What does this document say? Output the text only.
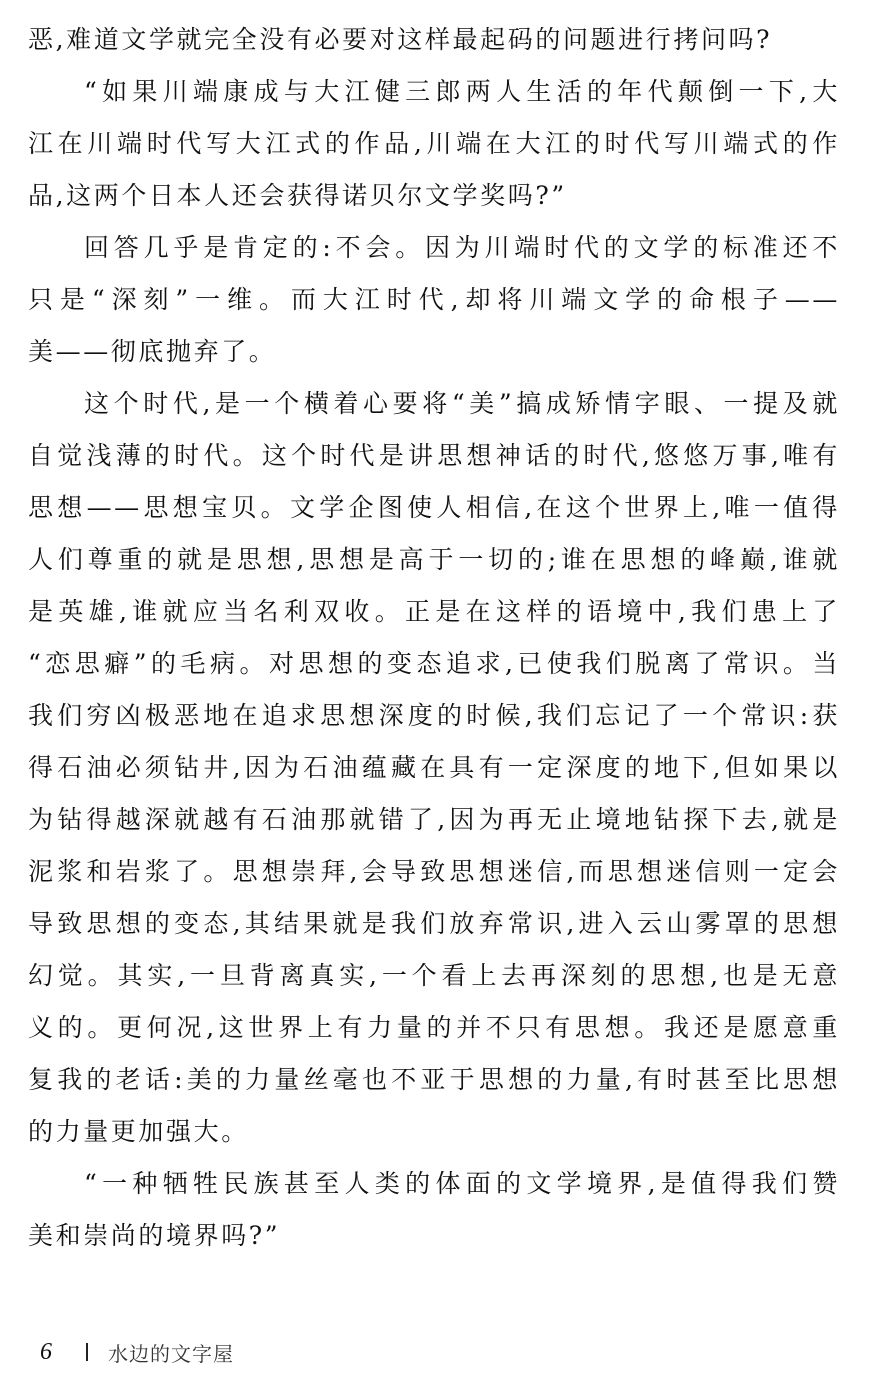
恶,难道文学就完全没有必要对这样最起码的问题进行拷问吗?
“如果川端康成与大江健三郎两人生活的年代颠倒一下,大
江在川端时代写大江式的作品,川端在大江的时代写川端式的作
品,这两个日本人还会获得诺贝尔文学奖吗?”
回答几乎是肯定的:不会。因为川端时代的文学的标准还不
只是“深刻”一维。而大江时代,却将川端文学的命根子——
美——彻底抛弃了。
这个时代,是一个横着心要将“美”搞成矫情字眼、一提及就
自觉浅薄的时代。这个时代是讲思想神话的时代,悠悠万事,唯有
思想——思想宝贝。文学企图使人相信,在这个世界上,唯一值得
人们尊重的就是思想,思想是高于一切的;谁在思想的峰巅,谁就
是英雄,谁就应当名利双收。正是在这样的语境中,我们患上了
“恋思癖”的毛病。对思想的变态追求,已使我们脱离了常识。当
我们穷凶极恶地在追求思想深度的时候,我们忘记了一个常识:获
得石油必须钻井,因为石油蕴藏在具有一定深度的地下,但如果以
为钻得越深就越有石油那就错了,因为再无止境地钻探下去,就是
泥浆和岩浆了。思想崇拜,会导致思想迷信,而思想迷信则一定会
导致思想的变态,其结果就是我们放弃常识,进入云山雾罩的思想
幻觉。其实,一旦背离真实,一个看上去再深刻的思想,也是无意
义的。更何况,这世界上有力量的并不只有思想。我还是愿意重
复我的老话:美的力量丝毫也不亚于思想的力量,有时甚至比思想
的力量更加强大。
“一种牺牲民族甚至人类的体面的文学境界,是值得我们赞
美和崇尚的境界吗?”
6	水边的文字屋
